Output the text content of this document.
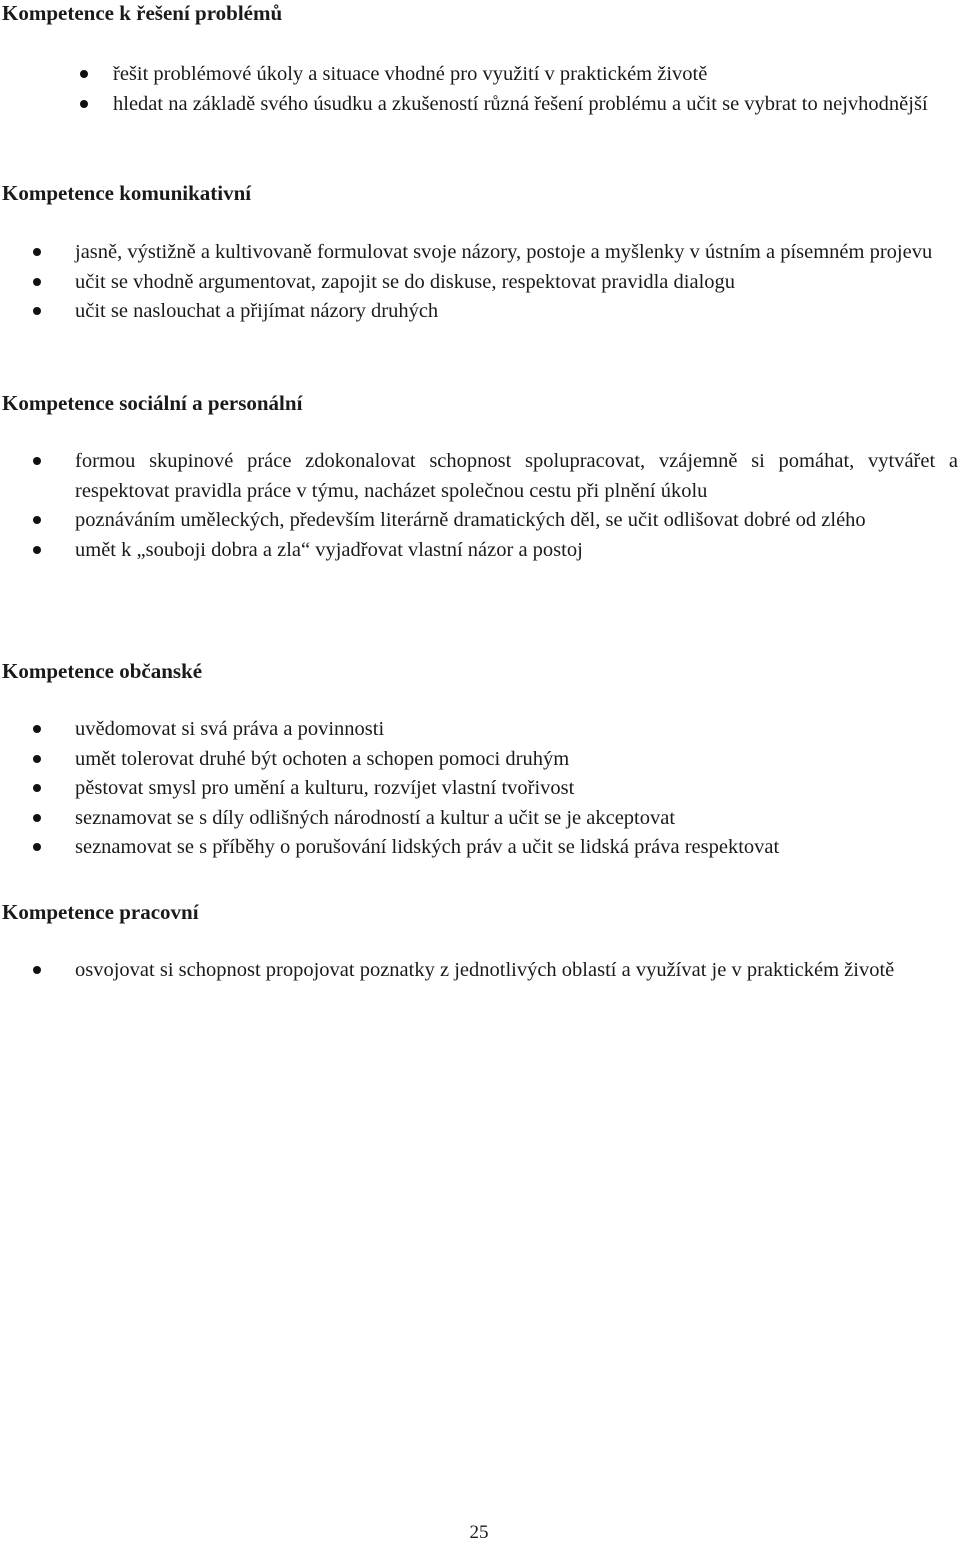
Kompetence k řešení problémů
řešit problémové úkoly a situace vhodné pro využití v praktickém životě
hledat na základě svého úsudku a zkušeností různá řešení problému a učit se vybrat to nejvhodnější
Kompetence komunikativní
jasně, výstižně a kultivovaně formulovat svoje názory, postoje a myšlenky v ústním a písemném projevu
učit se vhodně argumentovat, zapojit se do diskuse, respektovat pravidla dialogu
učit se naslouchat a přijímat názory druhých
Kompetence sociální a personální
formou skupinové práce zdokonalovat schopnost spolupracovat, vzájemně si pomáhat, vytvářet a respektovat pravidla práce v týmu, nacházet společnou cestu při plnění úkolu
poznáváním uměleckých, především literárně dramatických děl, se učit odlišovat dobré od zlého
umět k „souboji dobra a zla“ vyjadřovat vlastní názor a postoj
Kompetence občanské
uvědomovat si svá práva a povinnosti
umět tolerovat druhé být ochoten a schopen pomoci druhým
pěstovat smysl pro umění a kulturu, rozvíjet vlastní tvořivost
seznamovat se s díly odlišných národností a kultur a učit se je akceptovat
seznamovat se s příběhy o porušování lidských práv a učit se lidská práva respektovat
Kompetence pracovní
osvojovat si schopnost propojovat poznatky z jednotlivých oblastí a využívat je v praktickém životě
25
